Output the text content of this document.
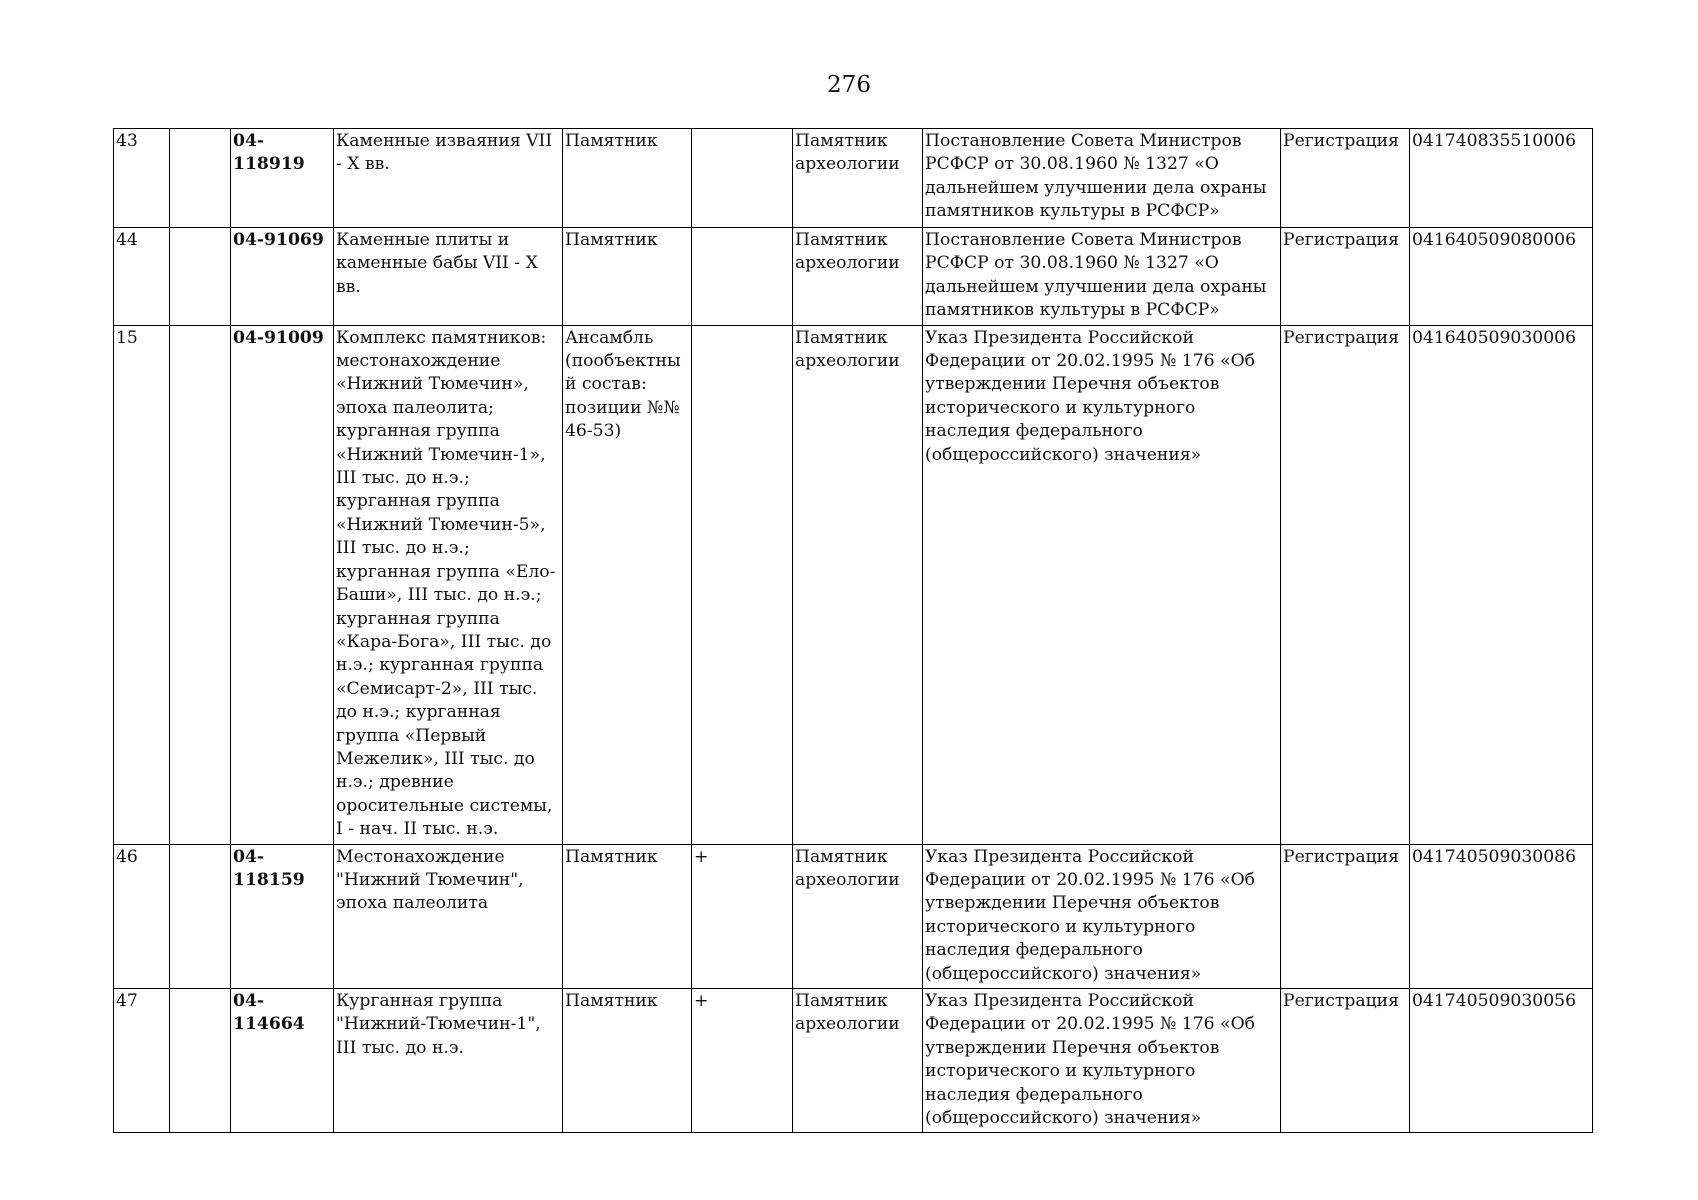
276
43		04-118919	Каменные изваяния VII - X вв.	Памятник		Памятник археологии	Постановление Совета Министров РСФСР от 30.08.1960 № 1327 «О дальнейшем улучшении дела охраны памятников культуры в РСФСР»	Регистрация	041740835510006
44		04-91069	Каменные плиты и каменные бабы VII - X вв.	Памятник		Памятник археологии	Постановление Совета Министров РСФСР от 30.08.1960 № 1327 «О дальнейшем улучшении дела охраны памятников культуры в РСФСР»	Регистрация	041640509080006
15		04-91009	Комплекс памятников: местонахождение «Нижний Тюмечин», эпоха палеолита; курганная группа «Нижний Тюмечин-1», III тыс. до н.э.; курганная группа «Нижний Тюмечин-5», III тыс. до н.э.; курганная группа «Ело-Баши», III тыс. до н.э.; курганная группа «Кара-Бога», III тыс. до н.э.; курганная группа «Семисарт-2», III тыс. до н.э.; курганная группа «Первый Межелик», III тыс. до н.э.; древние оросительные системы, I - нач. II тыс. н.э.	Ансамбль (пообъектный состав: позиции №№ 46-53)		Памятник археологии	Указ Президента Российской Федерации от 20.02.1995 № 176 «Об утверждении Перечня объектов исторического и культурного наследия федерального (общероссийского) значения»	Регистрация	041640509030006
46		04-118159	Местонахождение "Нижний Тюмечин", эпоха палеолита	Памятник	+	Памятник археологии	Указ Президента Российской Федерации от 20.02.1995 № 176 «Об утверждении Перечня объектов исторического и культурного наследия федерального (общероссийского) значения»	Регистрация	041740509030086
47		04-114664	Курганная группа "Нижний-Тюмечин-1", III тыс. до н.э.	Памятник	+	Памятник археологии	Указ Президента Российской Федерации от 20.02.1995 № 176 «Об утверждении Перечня объектов исторического и культурного наследия федерального (общероссийского) значения»	Регистрация	041740509030056
